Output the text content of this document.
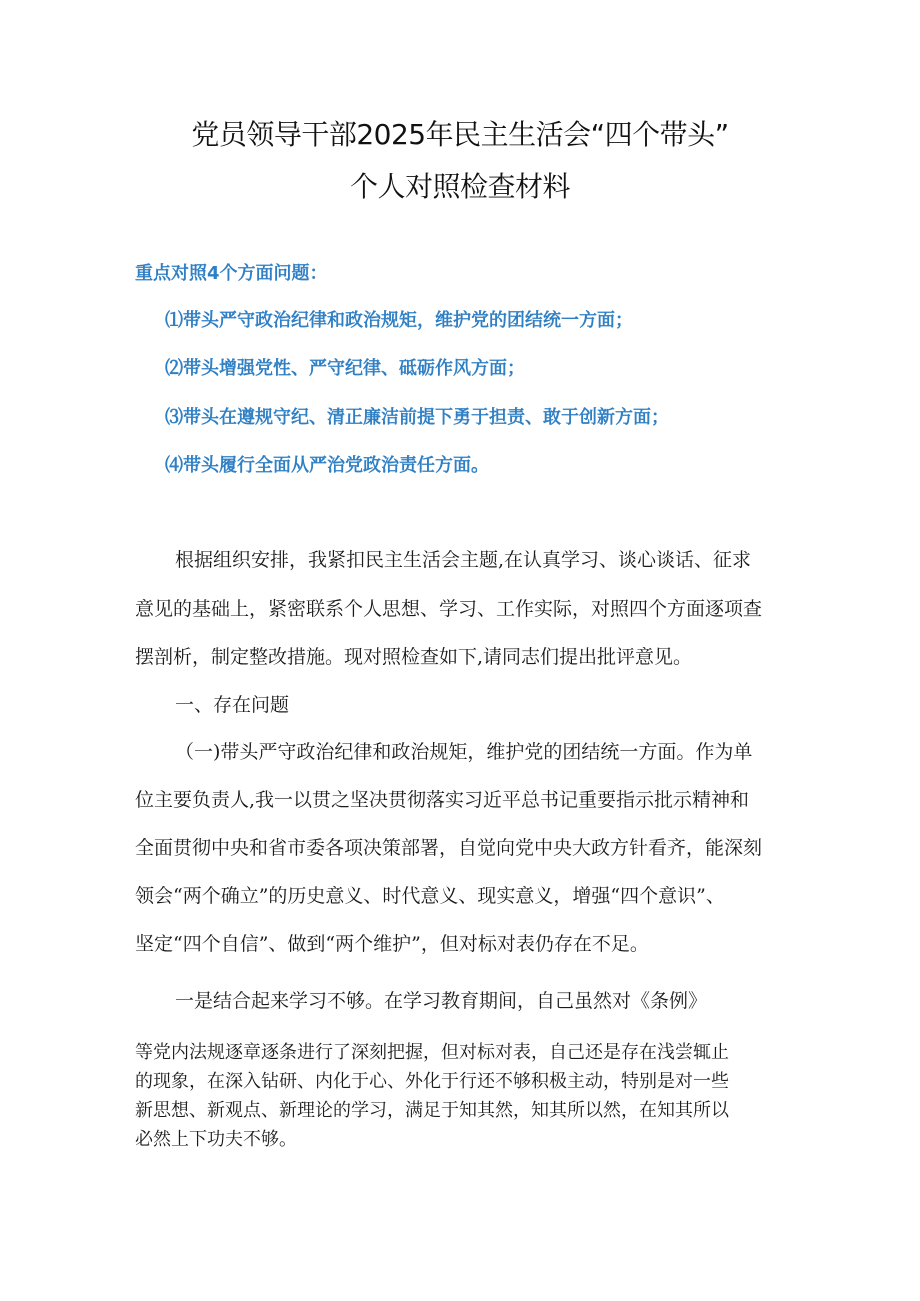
党员领导干部2025年民主生活会“四个带头”
个人对照检查材料
重点对照4个方面问题：
⑴带头严守政治纪律和政治规矩，维护党的团结统一方面；
⑵带头增强党性、严守纪律、砥砺作风方面；
⑶带头在遵规守纪、清正廉洁前提下勇于担责、敢于创新方面；
⑷带头履行全面从严治党政治责任方面。
根据组织安排，我紧扣民主生活会主题,在认真学习、谈心谈话、征求
意见的基础上，紧密联系个人思想、学习、工作实际，对照四个方面逐项查
摆剖析，制定整改措施。现对照检查如下,请同志们提出批评意见。
一、存在问题
（一)带头严守政治纪律和政治规矩，维护党的团结统一方面。作为单
位主要负责人,我一以贯之坚决贯彻落实习近平总书记重要指示批示精神和
全面贯彻中央和省市委各项决策部署，自觉向党中央大政方针看齐，能深刻
领会“两个确立”的历史意义、时代意义、现实意义，增强“四个意识”、
坚定“四个自信”、做到“两个维护”，但对标对表仍存在不足。
一是结合起来学习不够。在学习教育期间，自己虽然对《条例》
等党内法规逐章逐条进行了深刻把握，但对标对表，自己还是存在浅尝辄止
的现象，在深入钻研、内化于心、外化于行还不够积极主动，特别是对一些
新思想、新观点、新理论的学习，满足于知其然，知其所以然，在知其所以
必然上下功夫不够。
